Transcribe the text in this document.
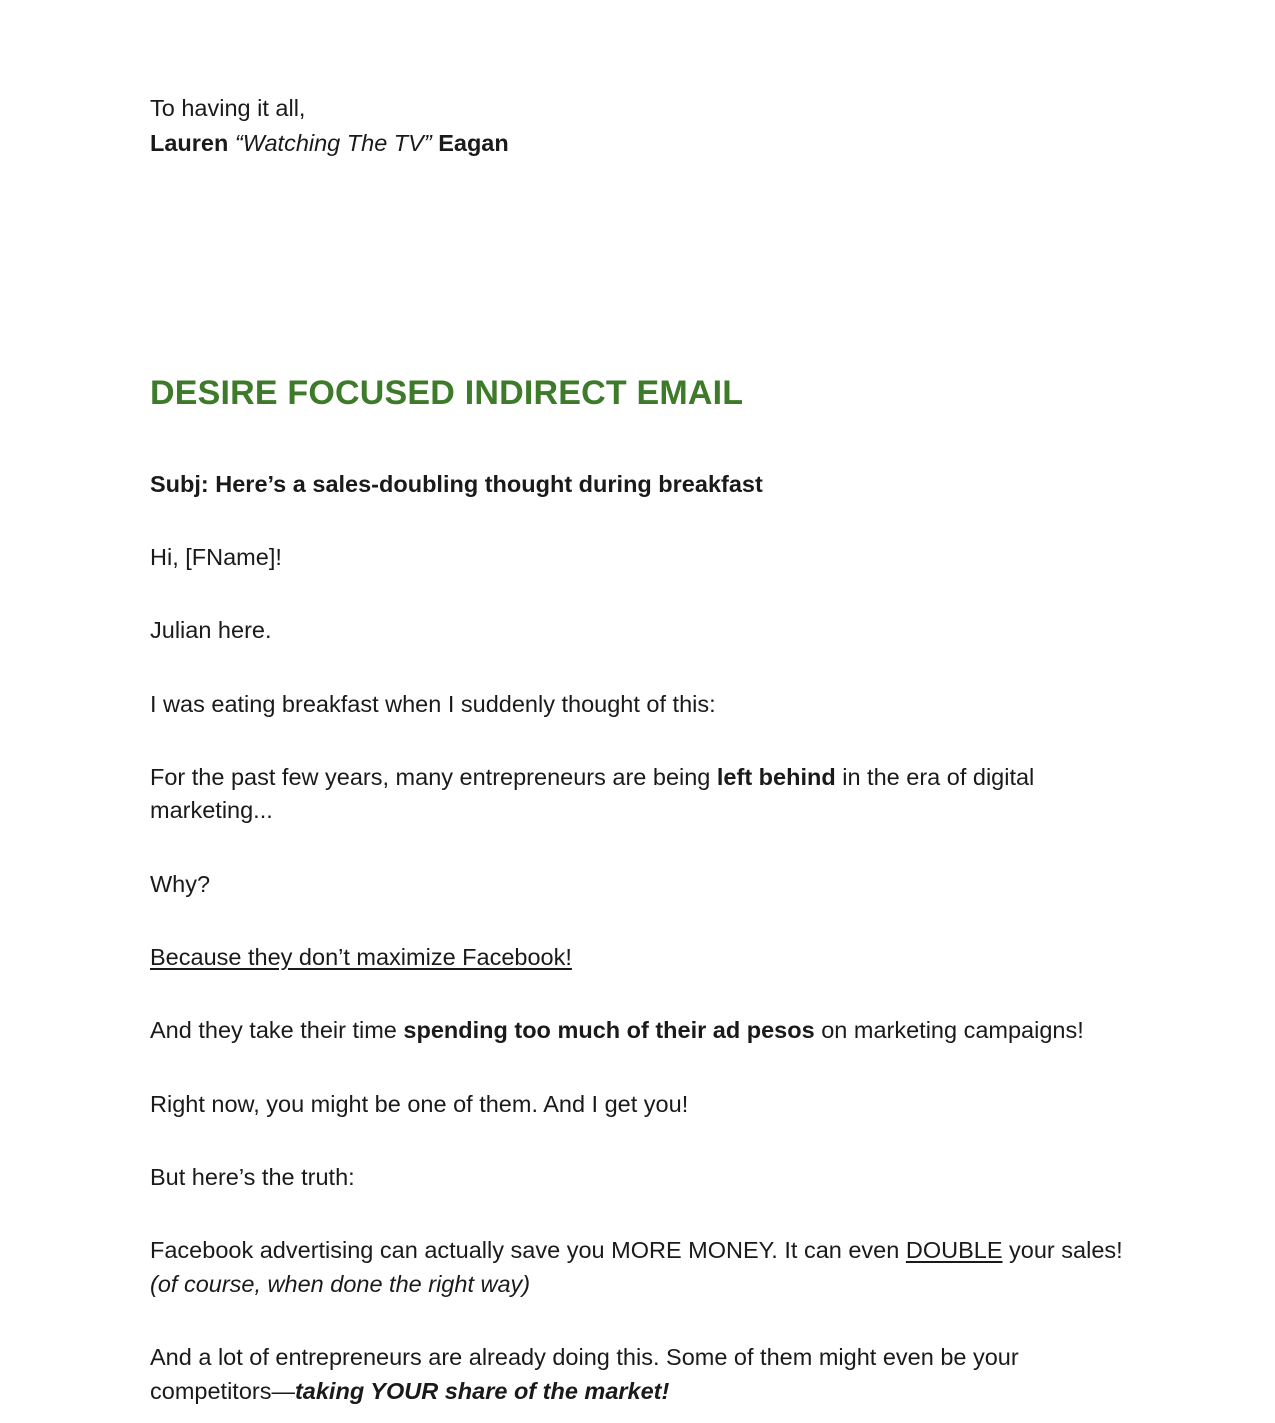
To having it all,

Lauren “Watching The TV” Eagan

DESIRE FOCUSED INDIRECT EMAIL

Subj: Here’s a sales-doubling thought during breakfast

Hi, [FName]!

Julian here.

I was eating breakfast when I suddenly thought of this:

For the past few years, many entrepreneurs are being left behind in the era of digital marketing...

Why?

Because they don’t maximize Facebook!

And they take their time spending too much of their ad pesos on marketing campaigns!

Right now, you might be one of them. And I get you!

But here’s the truth:

Facebook advertising can actually save you MORE MONEY. It can even DOUBLE your sales! (of course, when done the right way)

And a lot of entrepreneurs are already doing this. Some of them might even be your competitors—taking YOUR share of the market!
